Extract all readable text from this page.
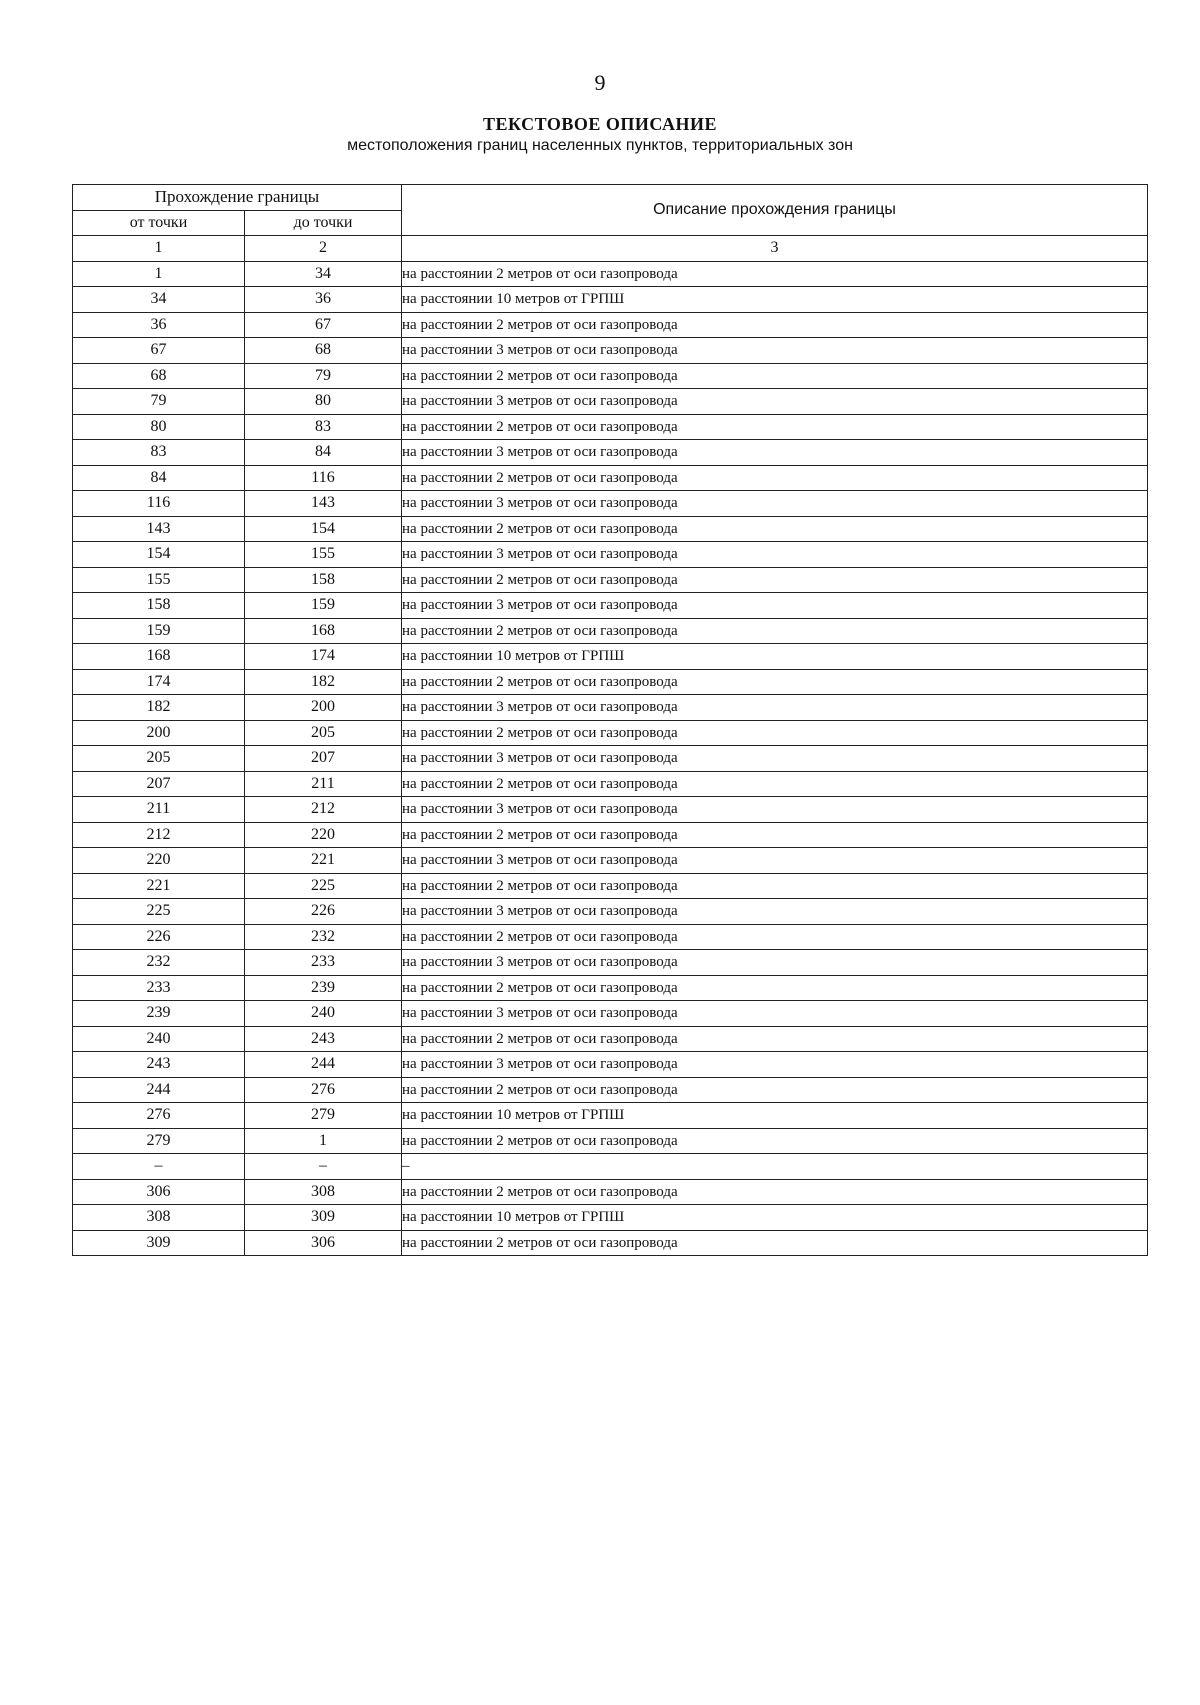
9
ТЕКСТОВОЕ ОПИСАНИЕ
местоположения границ населенных пунктов, территориальных зон
Прохождение границы		Описание прохождения границы
от точки	до точки	
1	2	3
1	34	на расстоянии 2 метров от оси газопровода
34	36	на расстоянии 10 метров от ГРПШ
36	67	на расстоянии 2 метров от оси газопровода
67	68	на расстоянии 3 метров от оси газопровода
68	79	на расстоянии 2 метров от оси газопровода
79	80	на расстоянии 3 метров от оси газопровода
80	83	на расстоянии 2 метров от оси газопровода
83	84	на расстоянии 3 метров от оси газопровода
84	116	на расстоянии 2 метров от оси газопровода
116	143	на расстоянии 3 метров от оси газопровода
143	154	на расстоянии 2 метров от оси газопровода
154	155	на расстоянии 3 метров от оси газопровода
155	158	на расстоянии 2 метров от оси газопровода
158	159	на расстоянии 3 метров от оси газопровода
159	168	на расстоянии 2 метров от оси газопровода
168	174	на расстоянии 10 метров от ГРПШ
174	182	на расстоянии 2 метров от оси газопровода
182	200	на расстоянии 3 метров от оси газопровода
200	205	на расстоянии 2 метров от оси газопровода
205	207	на расстоянии 3 метров от оси газопровода
207	211	на расстоянии 2 метров от оси газопровода
211	212	на расстоянии 3 метров от оси газопровода
212	220	на расстоянии 2 метров от оси газопровода
220	221	на расстоянии 3 метров от оси газопровода
221	225	на расстоянии 2 метров от оси газопровода
225	226	на расстоянии 3 метров от оси газопровода
226	232	на расстоянии 2 метров от оси газопровода
232	233	на расстоянии 3 метров от оси газопровода
233	239	на расстоянии 2 метров от оси газопровода
239	240	на расстоянии 3 метров от оси газопровода
240	243	на расстоянии 2 метров от оси газопровода
243	244	на расстоянии 3 метров от оси газопровода
244	276	на расстоянии 2 метров от оси газопровода
276	279	на расстоянии 10 метров от ГРПШ
279	1	на расстоянии 2 метров от оси газопровода
–	–	–
306	308	на расстоянии 2 метров от оси газопровода
308	309	на расстоянии 10 метров от ГРПШ
309	306	на расстоянии 2 метров от оси газопровода
